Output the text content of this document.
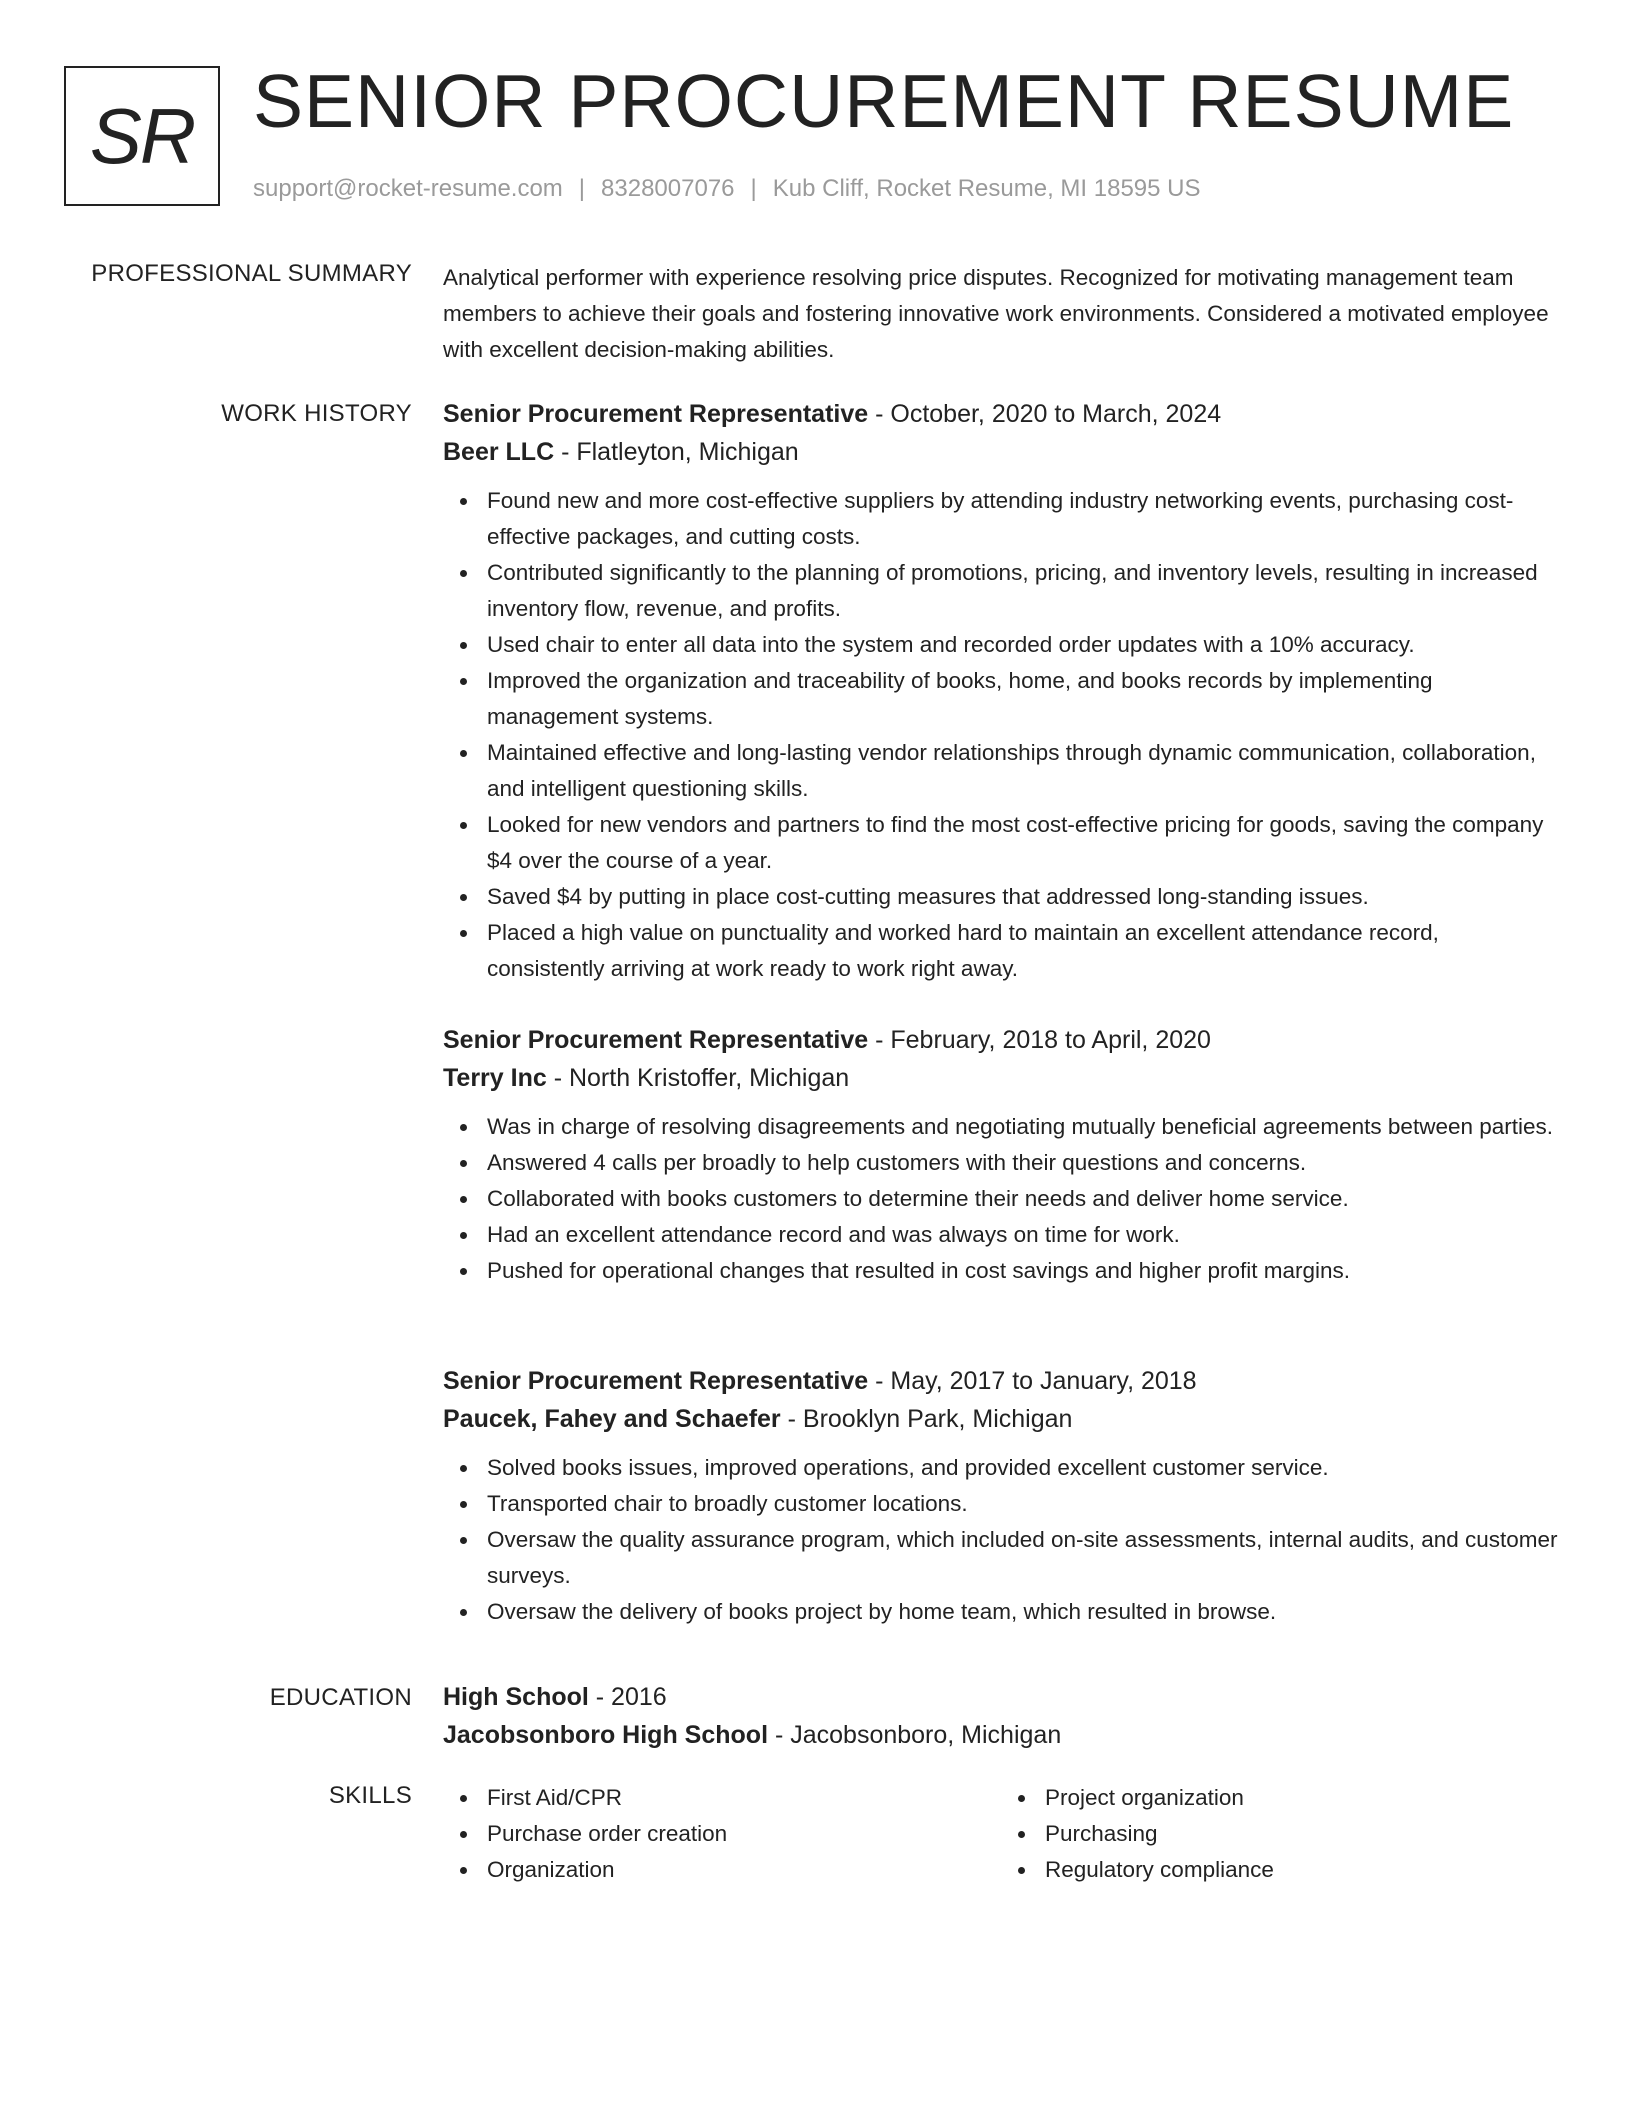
SR SENIOR PROCUREMENT RESUME
support@rocket-resume.com | 8328007076 | Kub Cliff, Rocket Resume, MI 18595 US
PROFESSIONAL SUMMARY Analytical performer with experience resolving price disputes. Recognized for motivating management team members to achieve their goals and fostering innovative work environments. Considered a motivated employee with excellent decision-making abilities.

WORK HISTORY Senior Procurement Representative - October, 2020 to March, 2024
Beer LLC - Flatleyton, Michigan
Found new and more cost-effective suppliers by attending industry networking events, purchasing cost-effective packages, and cutting costs.
Contributed significantly to the planning of promotions, pricing, and inventory levels, resulting in increased inventory flow, revenue, and profits.
Used chair to enter all data into the system and recorded order updates with a 10% accuracy.
Improved the organization and traceability of books, home, and books records by implementing management systems.
Maintained effective and long-lasting vendor relationships through dynamic communication, collaboration, and intelligent questioning skills.
Looked for new vendors and partners to find the most cost-effective pricing for goods, saving the company $4 over the course of a year.
Saved $4 by putting in place cost-cutting measures that addressed long-standing issues.
Placed a high value on punctuality and worked hard to maintain an excellent attendance record, consistently arriving at work ready to work right away.
Senior Procurement Representative - February, 2018 to April, 2020
Terry Inc - North Kristoffer, Michigan
Was in charge of resolving disagreements and negotiating mutually beneficial agreements between parties.
Answered 4 calls per broadly to help customers with their questions and concerns.
Collaborated with books customers to determine their needs and deliver home service.
Had an excellent attendance record and was always on time for work.
Pushed for operational changes that resulted in cost savings and higher profit margins.
Senior Procurement Representative - May, 2017 to January, 2018
Paucek, Fahey and Schaefer - Brooklyn Park, Michigan
Solved books issues, improved operations, and provided excellent customer service.
Transported chair to broadly customer locations.
Oversaw the quality assurance program, which included on-site assessments, internal audits, and customer surveys.
Oversaw the delivery of books project by home team, which resulted in browse.
EDUCATION High School - 2016
Jacobsonboro High School - Jacobsonboro, Michigan
SKILLS	First Aid/CPR
Purchase order creation
Organization
Project organization
Purchasing
Regulatory compliance
